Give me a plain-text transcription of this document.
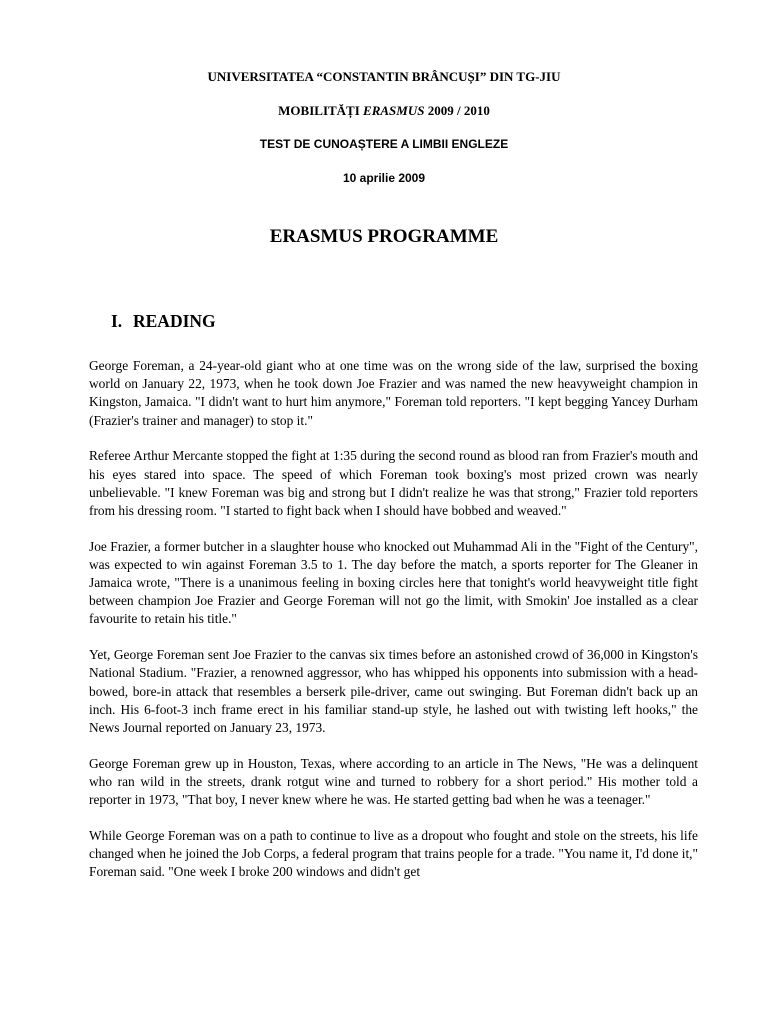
UNIVERSITATEA “CONSTANTIN BRÂNCUȘI” DIN TG-JIU
MOBILITĂȚI ERASMUS 2009 / 2010
TEST DE CUNOAȘTERE A LIMBII ENGLEZE
10 aprilie 2009
ERASMUS PROGRAMME
I. READING

George Foreman, a 24-year-old giant who at one time was on the wrong side of the law, surprised the boxing world on January 22, 1973, when he took down Joe Frazier and was named the new heavyweight champion in Kingston, Jamaica. "I didn't want to hurt him anymore," Foreman told reporters. "I kept begging Yancey Durham (Frazier's trainer and manager) to stop it."

Referee Arthur Mercante stopped the fight at 1:35 during the second round as blood ran from Frazier's mouth and his eyes stared into space. The speed of which Foreman took boxing's most prized crown was nearly unbelievable. "I knew Foreman was big and strong but I didn't realize he was that strong," Frazier told reporters from his dressing room. "I started to fight back when I should have bobbed and weaved."

Joe Frazier, a former butcher in a slaughter house who knocked out Muhammad Ali in the "Fight of the Century", was expected to win against Foreman 3.5 to 1. The day before the match, a sports reporter for The Gleaner in Jamaica wrote, "There is a unanimous feeling in boxing circles here that tonight's world heavyweight title fight between champion Joe Frazier and George Foreman will not go the limit, with Smokin' Joe installed as a clear favourite to retain his title."

Yet, George Foreman sent Joe Frazier to the canvas six times before an astonished crowd of 36,000 in Kingston's National Stadium. "Frazier, a renowned aggressor, who has whipped his opponents into submission with a head-bowed, bore-in attack that resembles a berserk pile-driver, came out swinging. But Foreman didn't back up an inch. His 6-foot-3 inch frame erect in his familiar stand-up style, he lashed out with twisting left hooks," the News Journal reported on January 23, 1973.

George Foreman grew up in Houston, Texas, where according to an article in The News, "He was a delinquent who ran wild in the streets, drank rotgut wine and turned to robbery for a short period." His mother told a reporter in 1973, "That boy, I never knew where he was. He started getting bad when he was a teenager."

While George Foreman was on a path to continue to live as a dropout who fought and stole on the streets, his life changed when he joined the Job Corps, a federal program that trains people for a trade. "You name it, I'd done it," Foreman said. "One week I broke 200 windows and didn't get
